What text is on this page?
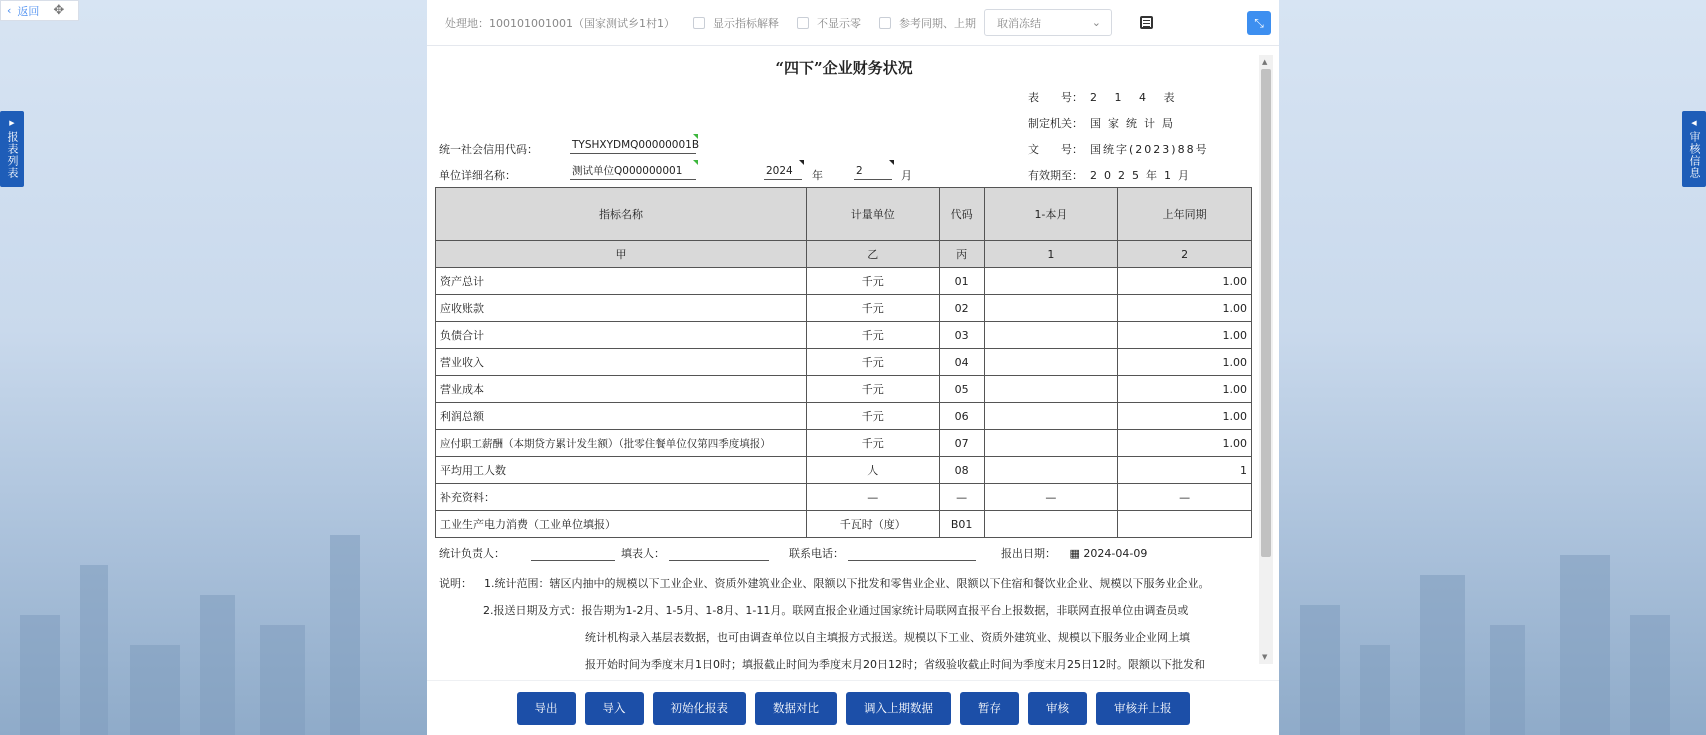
‹ 返回 ✥
▶
报表列表
◀
审核信息
处理地：100101001001（国家测试乡1村1）	显示指标解释	不显示零	参考同期、上期 取消冻结	⌄	⤡
“四下”企业财务状况
表　　号： 2 1 4 表
制定机关： 国家统计局
文　　号： 国统字(2023)88号
有效期至： 2025年1月
统一社会信用代码：	TYSHXYDMQ00000001B
单位详细名称：	测试单位Q000000001	2024	年	2	月
指标名称	计量单位	代码	1-本月	上年同期
甲	乙	丙	1	2
资产总计	千元	01		1.00
应收账款	千元	02		1.00
负债合计	千元	03		1.00
营业收入	千元	04		1.00
营业成本	千元	05		1.00
利润总额	千元	06		1.00
应付职工薪酬（本期贷方累计发生额）（批零住餐单位仅第四季度填报）	千元	07		1.00
平均用工人数	人	08		1
补充资料：	—	—	—	—
工业生产电力消费（工业单位填报）	千瓦时（度）	B01		
统计负责人：	填表人：	联系电话：	报出日期： ▦ 2024-04-09
说明： 1.统计范围：辖区内抽中的规模以下工业企业、资质外建筑业企业、限额以下批发和零售业企业、限额以下住宿和餐饮业企业、规模以下服务业企业。
2.报送日期及方式：报告期为1-2月、1-5月、1-8月、1-11月。联网直报企业通过国家统计局联网直报平台上报数据，非联网直报单位由调查员或
统计机构录入基层表数据，也可由调查单位以自主填报方式报送。规模以下工业、资质外建筑业、规模以下服务业企业网上填
报开始时间为季度末月1日0时；填报截止时间为季度末月20日12时；省级验收截止时间为季度末月25日12时。限额以下批发和
▲
▼
导出	导入	初始化报表	数据对比	调入上期数据	暂存	审核	审核并上报
